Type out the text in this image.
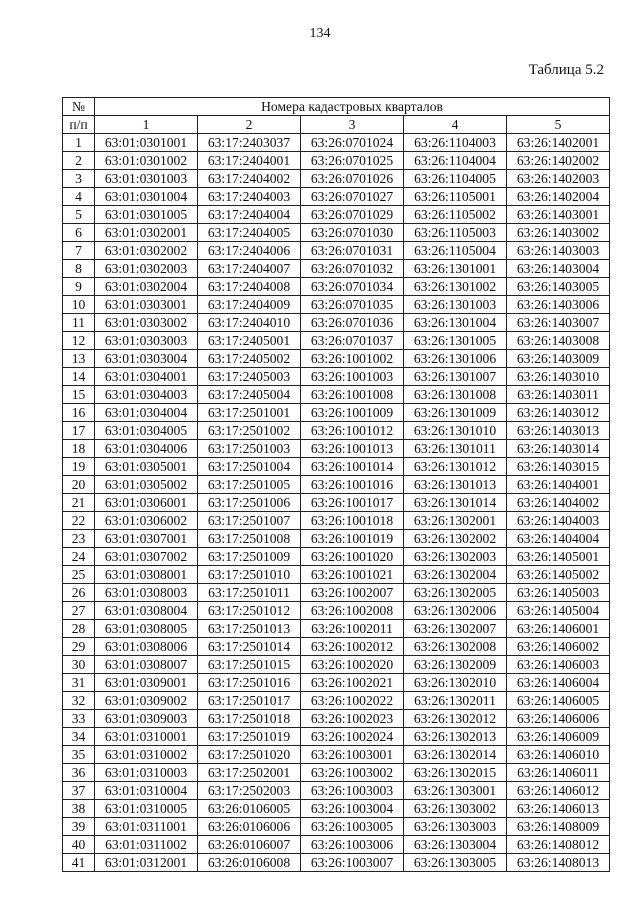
134
Таблица 5.2
№	Номера кадастровых кварталов				
п/п	1	2	3	4	5
1	63:01:0301001	63:17:2403037	63:26:0701024	63:26:1104003	63:26:1402001
2	63:01:0301002	63:17:2404001	63:26:0701025	63:26:1104004	63:26:1402002
3	63:01:0301003	63:17:2404002	63:26:0701026	63:26:1104005	63:26:1402003
4	63:01:0301004	63:17:2404003	63:26:0701027	63:26:1105001	63:26:1402004
5	63:01:0301005	63:17:2404004	63:26:0701029	63:26:1105002	63:26:1403001
6	63:01:0302001	63:17:2404005	63:26:0701030	63:26:1105003	63:26:1403002
7	63:01:0302002	63:17:2404006	63:26:0701031	63:26:1105004	63:26:1403003
8	63:01:0302003	63:17:2404007	63:26:0701032	63:26:1301001	63:26:1403004
9	63:01:0302004	63:17:2404008	63:26:0701034	63:26:1301002	63:26:1403005
10	63:01:0303001	63:17:2404009	63:26:0701035	63:26:1301003	63:26:1403006
11	63:01:0303002	63:17:2404010	63:26:0701036	63:26:1301004	63:26:1403007
12	63:01:0303003	63:17:2405001	63:26:0701037	63:26:1301005	63:26:1403008
13	63:01:0303004	63:17:2405002	63:26:1001002	63:26:1301006	63:26:1403009
14	63:01:0304001	63:17:2405003	63:26:1001003	63:26:1301007	63:26:1403010
15	63:01:0304003	63:17:2405004	63:26:1001008	63:26:1301008	63:26:1403011
16	63:01:0304004	63:17:2501001	63:26:1001009	63:26:1301009	63:26:1403012
17	63:01:0304005	63:17:2501002	63:26:1001012	63:26:1301010	63:26:1403013
18	63:01:0304006	63:17:2501003	63:26:1001013	63:26:1301011	63:26:1403014
19	63:01:0305001	63:17:2501004	63:26:1001014	63:26:1301012	63:26:1403015
20	63:01:0305002	63:17:2501005	63:26:1001016	63:26:1301013	63:26:1404001
21	63:01:0306001	63:17:2501006	63:26:1001017	63:26:1301014	63:26:1404002
22	63:01:0306002	63:17:2501007	63:26:1001018	63:26:1302001	63:26:1404003
23	63:01:0307001	63:17:2501008	63:26:1001019	63:26:1302002	63:26:1404004
24	63:01:0307002	63:17:2501009	63:26:1001020	63:26:1302003	63:26:1405001
25	63:01:0308001	63:17:2501010	63:26:1001021	63:26:1302004	63:26:1405002
26	63:01:0308003	63:17:2501011	63:26:1002007	63:26:1302005	63:26:1405003
27	63:01:0308004	63:17:2501012	63:26:1002008	63:26:1302006	63:26:1405004
28	63:01:0308005	63:17:2501013	63:26:1002011	63:26:1302007	63:26:1406001
29	63:01:0308006	63:17:2501014	63:26:1002012	63:26:1302008	63:26:1406002
30	63:01:0308007	63:17:2501015	63:26:1002020	63:26:1302009	63:26:1406003
31	63:01:0309001	63:17:2501016	63:26:1002021	63:26:1302010	63:26:1406004
32	63:01:0309002	63:17:2501017	63:26:1002022	63:26:1302011	63:26:1406005
33	63:01:0309003	63:17:2501018	63:26:1002023	63:26:1302012	63:26:1406006
34	63:01:0310001	63:17:2501019	63:26:1002024	63:26:1302013	63:26:1406009
35	63:01:0310002	63:17:2501020	63:26:1003001	63:26:1302014	63:26:1406010
36	63:01:0310003	63:17:2502001	63:26:1003002	63:26:1302015	63:26:1406011
37	63:01:0310004	63:17:2502003	63:26:1003003	63:26:1303001	63:26:1406012
38	63:01:0310005	63:26:0106005	63:26:1003004	63:26:1303002	63:26:1406013
39	63:01:0311001	63:26:0106006	63:26:1003005	63:26:1303003	63:26:1408009
40	63:01:0311002	63:26:0106007	63:26:1003006	63:26:1303004	63:26:1408012
41	63:01:0312001	63:26:0106008	63:26:1003007	63:26:1303005	63:26:1408013
